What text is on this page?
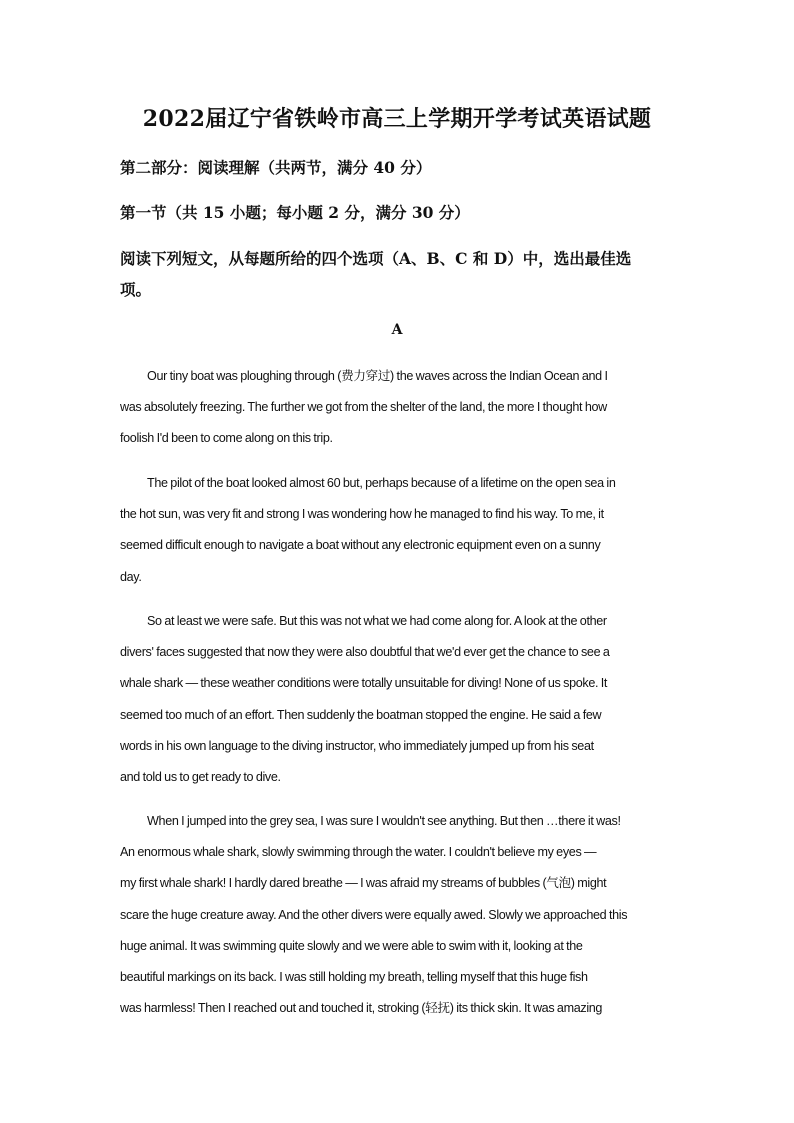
2022届辽宁省铁岭市高三上学期开学考试英语试题
第二部分：阅读理解（共两节，满分 40 分）
第一节（共 15 小题；每小题 2 分，满分 30 分）
阅读下列短文，从每题所给的四个选项（A、B、C 和 D）中，选出最佳选
项。
A
Our tiny boat was ploughing through (费力穿过) the waves across the Indian Ocean and I
was absolutely freezing. The further we got from the shelter of the land, the more I thought how
foolish I'd been to come along on this trip.
The pilot of the boat looked almost 60 but, perhaps because of a lifetime on the open sea in
the hot sun, was very fit and strong I was wondering how he managed to find his way. To me, it
seemed difficult enough to navigate a boat without any electronic equipment even on a sunny
day.
So at least we were safe. But this was not what we had come along for. A look at the other
divers' faces suggested that now they were also doubtful that we'd ever get the chance to see a
whale shark — these weather conditions were totally unsuitable for diving! None of us spoke. It
seemed too much of an effort. Then suddenly the boatman stopped the engine. He said a few
words in his own language to the diving instructor, who immediately jumped up from his seat
and told us to get ready to dive.
When I jumped into the grey sea, I was sure I wouldn't see anything. But then …there it was!
An enormous whale shark, slowly swimming through the water. I couldn't believe my eyes —
my first whale shark! I hardly dared breathe — I was afraid my streams of bubbles (气泡) might
scare the huge creature away. And the other divers were equally awed. Slowly we approached this
huge animal. It was swimming quite slowly and we were able to swim with it, looking at the
beautiful markings on its back. I was still holding my breath, telling myself that this huge fish
was harmless! Then I reached out and touched it, stroking (轻抚) its thick skin. It was amazing
